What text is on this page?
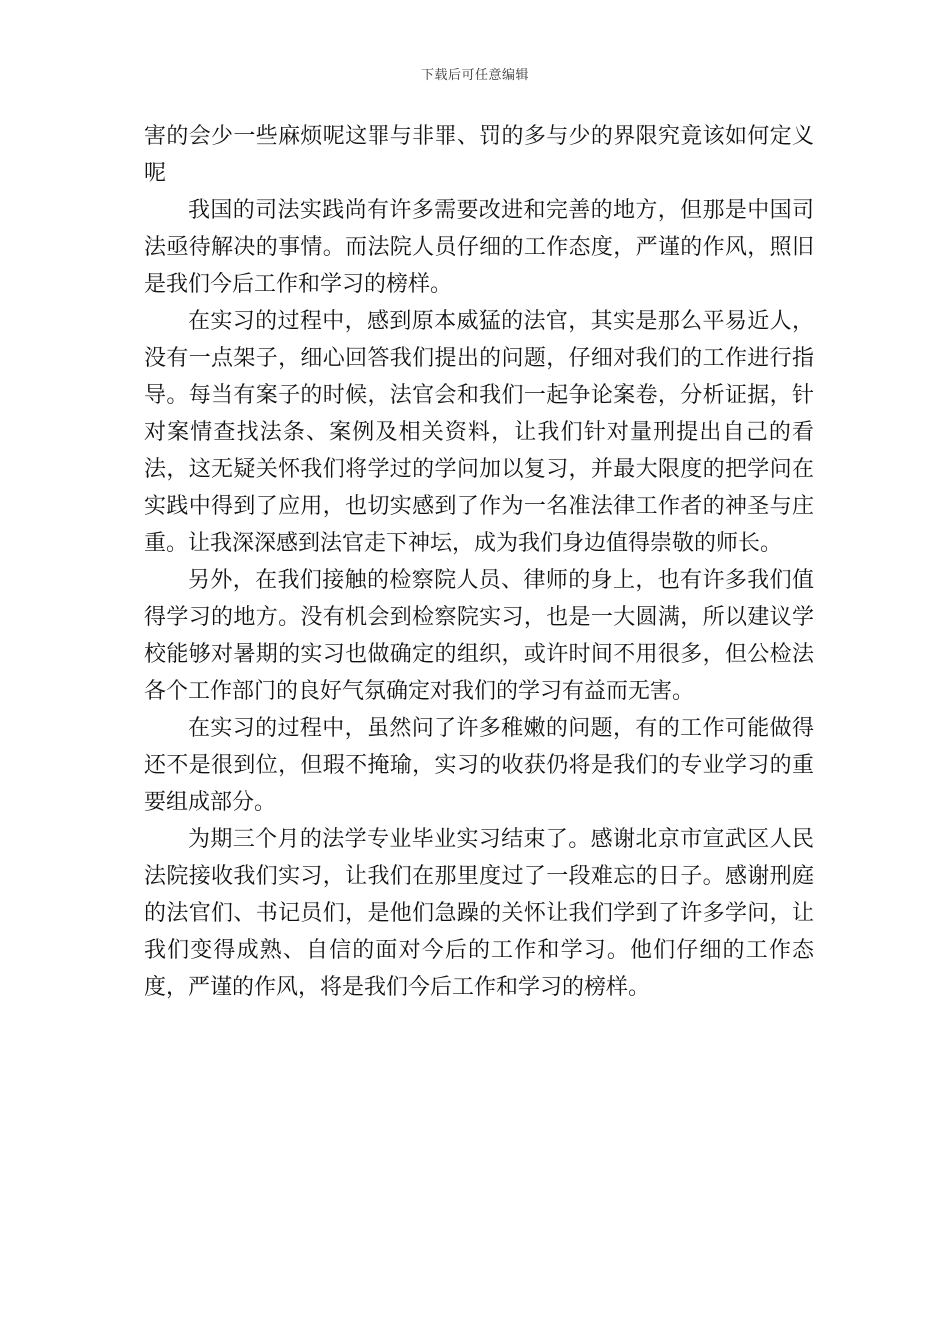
下载后可任意编辑

害的会少一些麻烦呢这罪与非罪、罚的多与少的界限究竟该如何定义呢

我国的司法实践尚有许多需要改进和完善的地方，但那是中国司法亟待解决的事情。而法院人员仔细的工作态度，严谨的作风，照旧是我们今后工作和学习的榜样。

在实习的过程中，感到原本威猛的法官，其实是那么平易近人，没有一点架子，细心回答我们提出的问题，仔细对我们的工作进行指导。每当有案子的时候，法官会和我们一起争论案卷，分析证据，针对案情查找法条、案例及相关资料，让我们针对量刑提出自己的看法，这无疑关怀我们将学过的学问加以复习，并最大限度的把学问在实践中得到了应用，也切实感到了作为一名准法律工作者的神圣与庄重。让我深深感到法官走下神坛，成为我们身边值得崇敬的师长。

另外，在我们接触的检察院人员、律师的身上，也有许多我们值得学习的地方。没有机会到检察院实习，也是一大圆满，所以建议学校能够对暑期的实习也做确定的组织，或许时间不用很多，但公检法各个工作部门的良好气氛确定对我们的学习有益而无害。

在实习的过程中，虽然问了许多稚嫩的问题，有的工作可能做得还不是很到位，但瑕不掩瑜，实习的收获仍将是我们的专业学习的重要组成部分。

为期三个月的法学专业毕业实习结束了。感谢北京市宣武区人民法院接收我们实习，让我们在那里度过了一段难忘的日子。感谢刑庭的法官们、书记员们，是他们急躁的关怀让我们学到了许多学问，让我们变得成熟、自信的面对今后的工作和学习。他们仔细的工作态度，严谨的作风，将是我们今后工作和学习的榜样。
